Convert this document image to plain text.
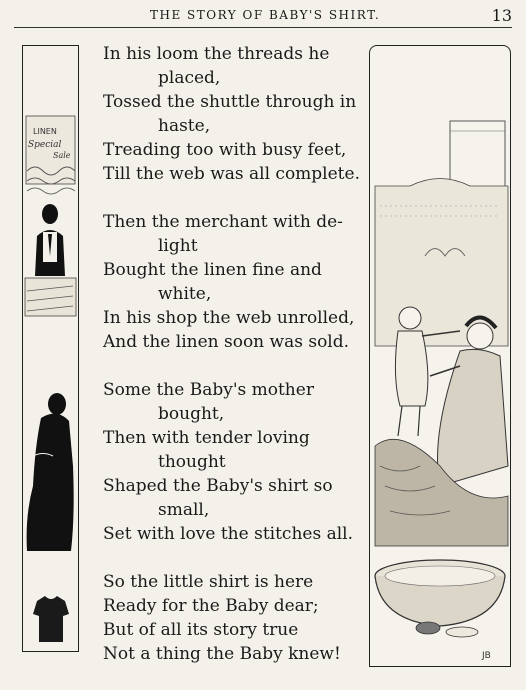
THE STORY OF BABY'S SHIRT.	13
LINEN
Special
Sale
In his loom the threads he
placed,
Tossed the shuttle through in
haste,
Treading too with busy feet,
Till the web was all complete.
Then the merchant with de-
light
Bought the linen fine and
white,
In his shop the web unrolled,
And the linen soon was sold.
Some the Baby's mother
bought,
Then with tender loving
thought
Shaped the Baby's shirt so
small,
Set with love the stitches all.
So the little shirt is here
Ready for the Baby dear;
But of all its story true
Not a thing the Baby knew!	JB
